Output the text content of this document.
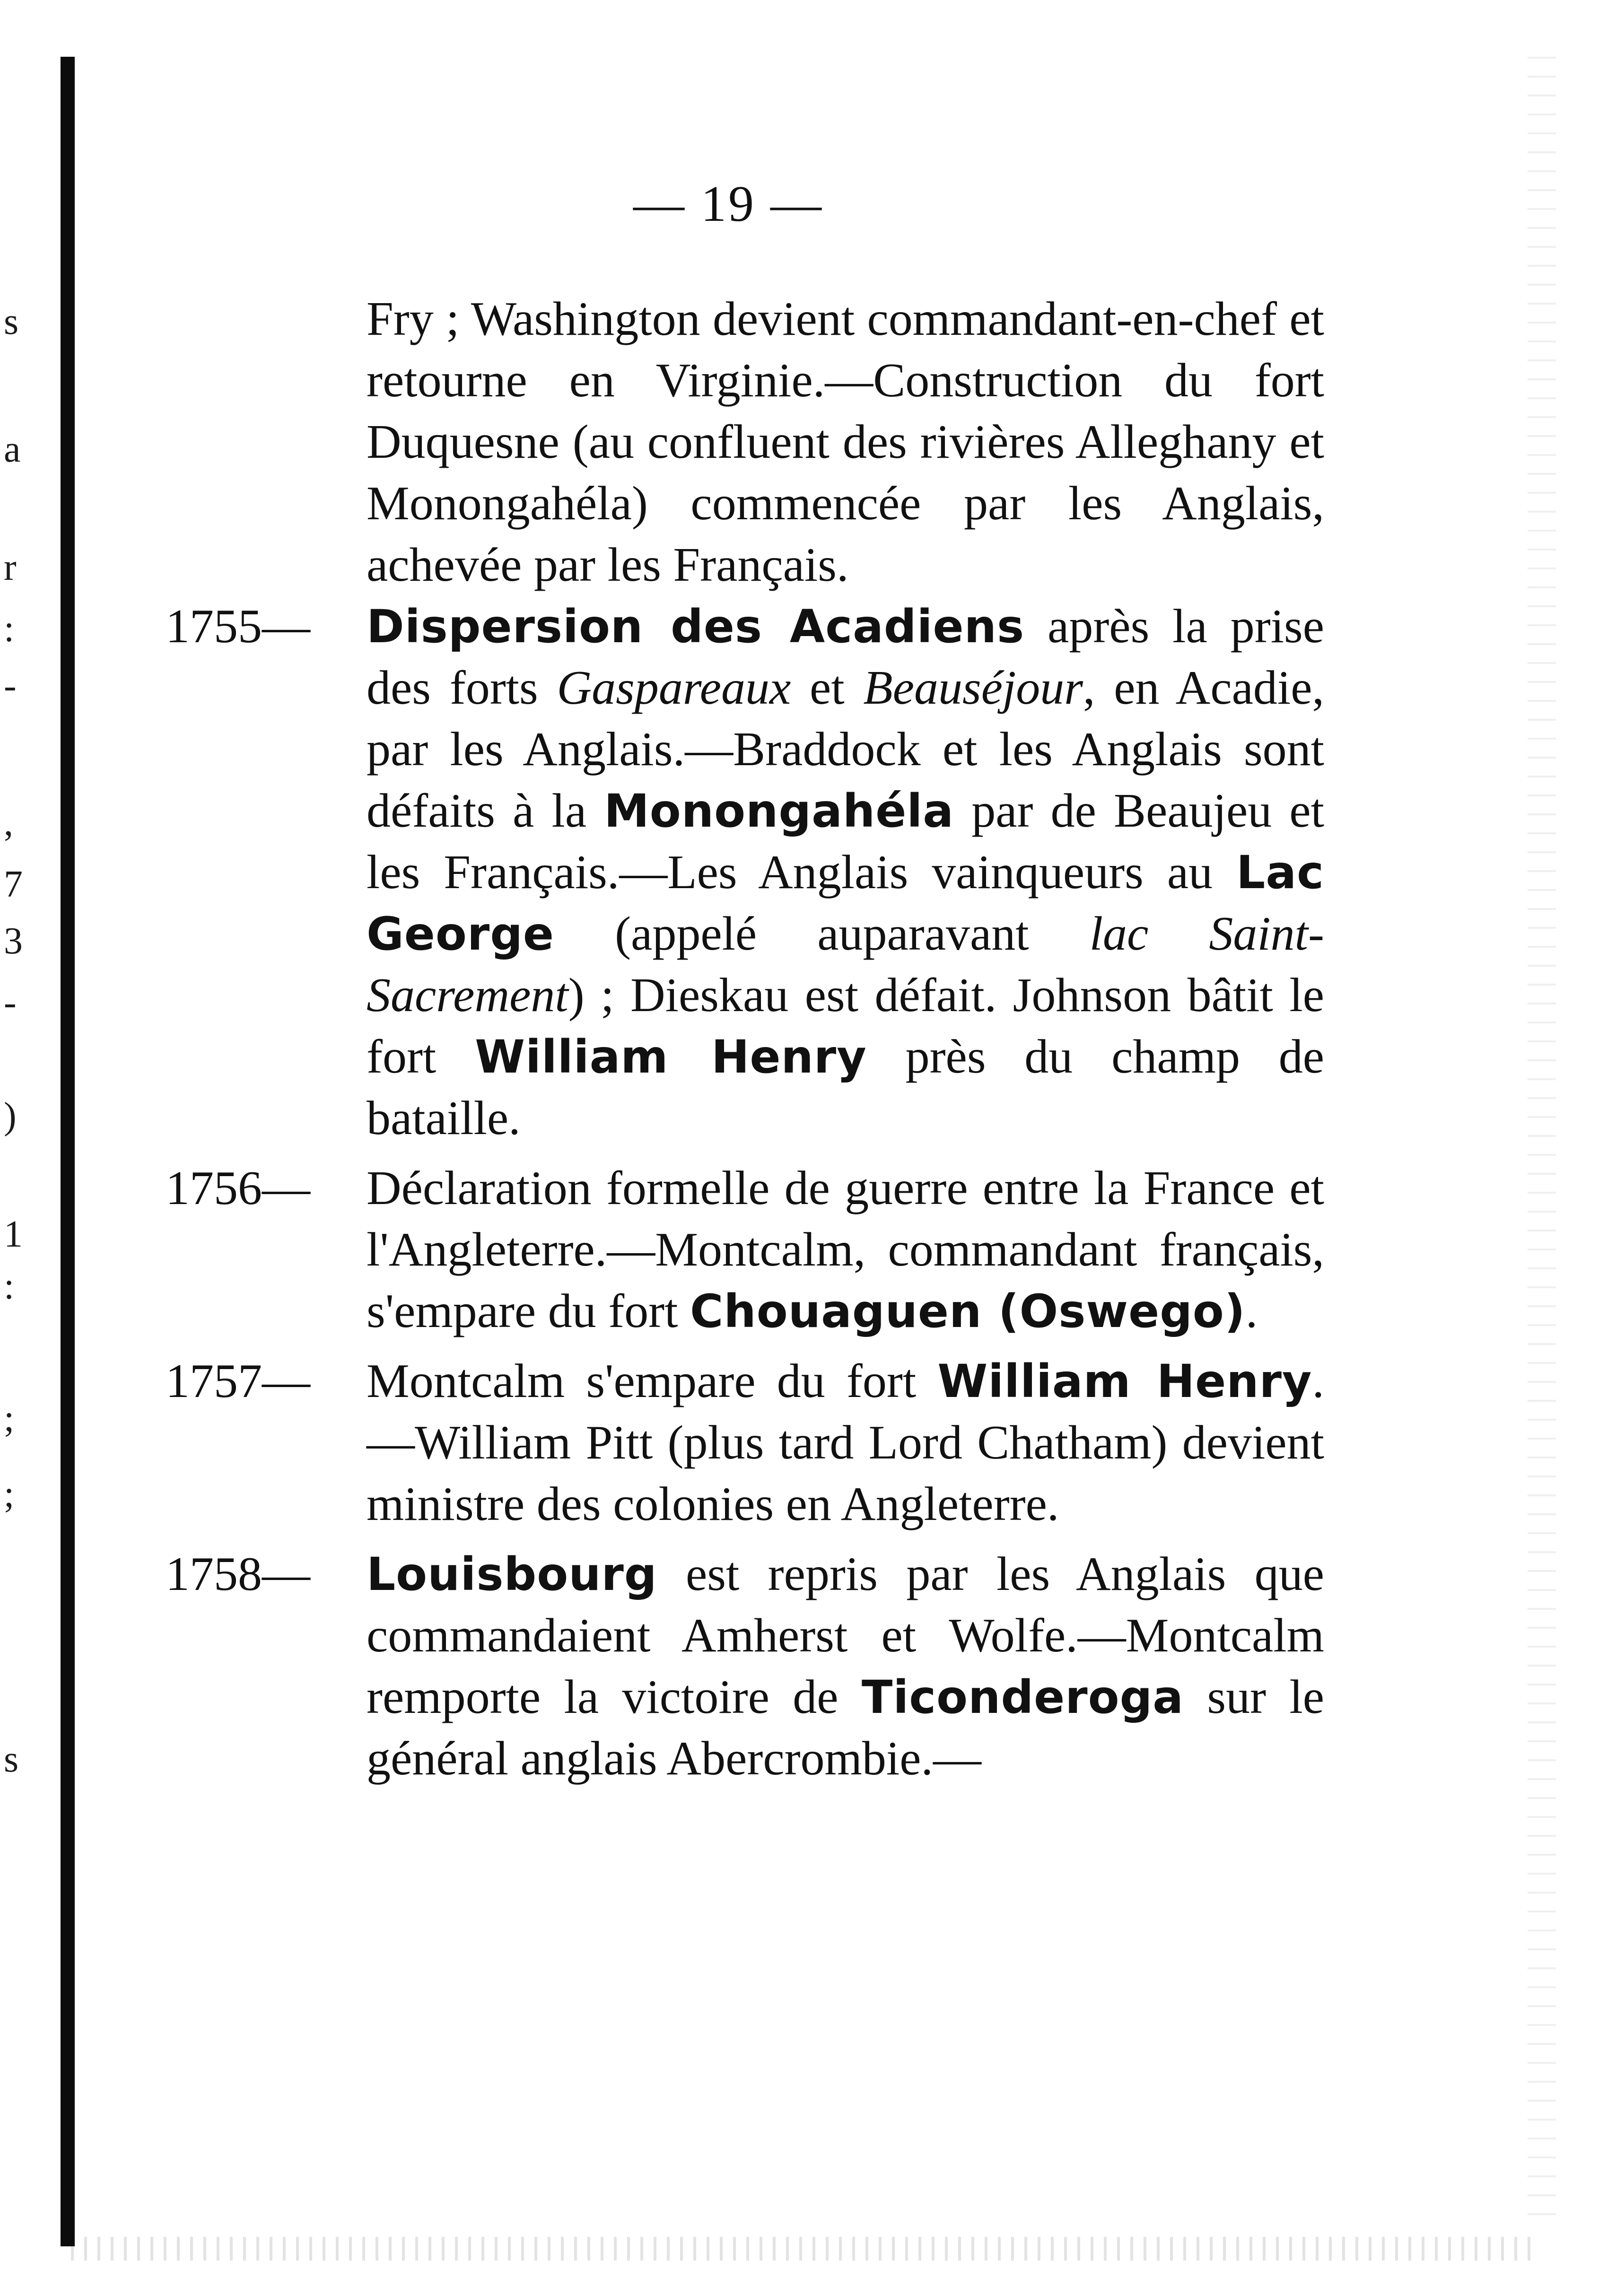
s
a
r
:
-
,
7
3
-
)
1
:
;
;
s
— 19 —
Fry ; Washington devient commandant-en-chef et retourne en Virginie.—Construction du fort Duquesne (au confluent des rivières Alleghany et Monongahéla) commencée par les Anglais, achevée par les Français.
1755— Dispersion des Acadiens après la prise des forts Gaspareaux et Beauséjour, en Acadie, par les Anglais.—Braddock et les Anglais sont défaits à la Monongahéla par de Beaujeu et les Français.—Les Anglais vainqueurs au Lac George (appelé auparavant lac Saint-Sacrement) ; Dieskau est défait. Johnson bâtit le fort William Henry près du champ de bataille.
1756— Déclaration formelle de guerre entre la France et l'Angleterre.—Montcalm, commandant français, s'empare du fort Chouaguen (Oswego).
1757— Montcalm s'empare du fort William Henry. —William Pitt (plus tard Lord Chatham) devient ministre des colonies en Angleterre.
1758— Louisbourg est repris par les Anglais que commandaient Amherst et Wolfe.—Montcalm remporte la victoire de Ticonderoga sur le général anglais Abercrombie.—
